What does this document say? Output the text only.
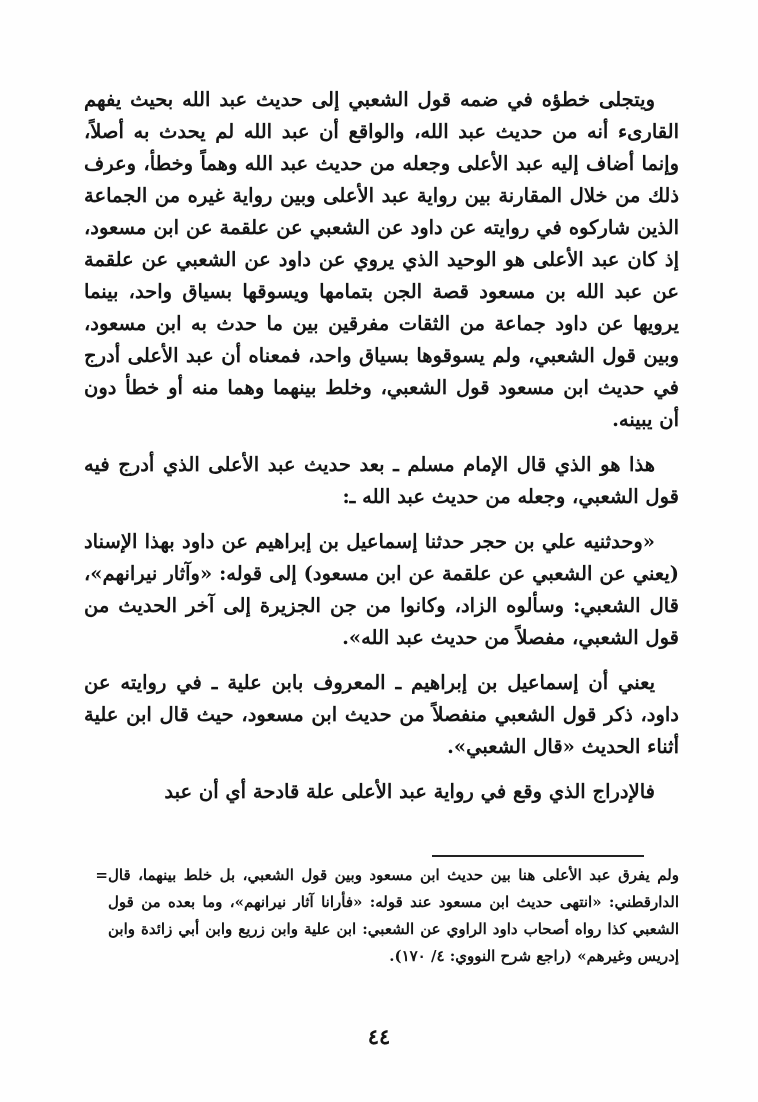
ويتجلى خطؤه في ضمه قول الشعبي إلى حديث عبد الله بحيث يفهم القارىء أنه من حديث عبد الله، والواقع أن عبد الله لم يحدث به أصلاً، وإنما أضاف إليه عبد الأعلى وجعله من حديث عبد الله وهماً وخطأ، وعرف ذلك من خلال المقارنة بين رواية عبد الأعلى وبين رواية غيره من الجماعة الذين شاركوه في روايته عن داود عن الشعبي عن علقمة عن ابن مسعود، إذ كان عبد الأعلى هو الوحيد الذي يروي عن داود عن الشعبي عن علقمة عن عبد الله بن مسعود قصة الجن بتمامها ويسوقها بسياق واحد، بينما يرويها عن داود جماعة من الثقات مفرقين بين ما حدث به ابن مسعود، وبين قول الشعبي، ولم يسوقوها بسياق واحد، فمعناه أن عبد الأعلى أدرج في حديث ابن مسعود قول الشعبي، وخلط بينهما وهما منه أو خطأ دون أن يبينه.

هذا هو الذي قال الإمام مسلم ـ بعد حديث عبد الأعلى الذي أدرج فيه قول الشعبي، وجعله من حديث عبد الله ـ:

«وحدثنيه علي بن حجر حدثنا إسماعيل بن إبراهيم عن داود بهذا الإسناد (يعني عن الشعبي عن علقمة عن ابن مسعود) إلى قوله: «وآثار نيرانهم»، قال الشعبي: وسألوه الزاد، وكانوا من جن الجزيرة إلى آخر الحديث من قول الشعبي، مفصلاً من حديث عبد الله».

يعني أن إسماعيل بن إبراهيم ـ المعروف بابن علية ـ في روايته عن داود، ذكر قول الشعبي منفصلاً من حديث ابن مسعود، حيث قال ابن علية أثناء الحديث «قال الشعبي».

فالإدراج الذي وقع في رواية عبد الأعلى علة قادحة أي أن عبد

ولم يفرق عبد الأعلى هنا بين حديث ابن مسعود وبين قول الشعبي، بل خلط بينهما، قال الدارقطني: «انتهى حديث ابن مسعود عند قوله: «فأرانا آثار نيرانهم»، وما بعده من قول الشعبي كذا رواه أصحاب داود الراوي عن الشعبي: ابن علية وابن زريع وابن أبي زائدة وابن إدريس وغيرهم» (راجع شرح النووي: ٤/ ١٧٠).

=
٤٤
